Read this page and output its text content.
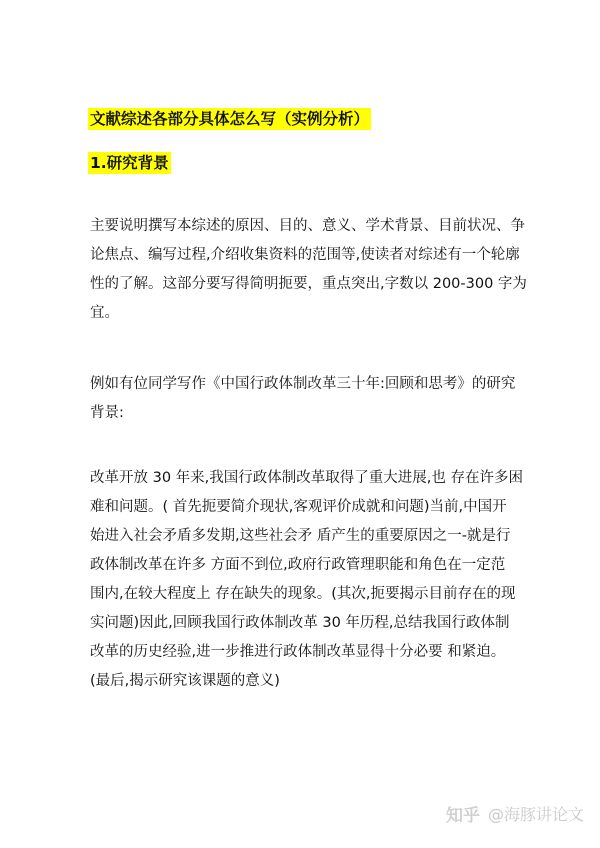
文献综述各部分具体怎么写（实例分析）
1.研究背景
主要说明撰写本综述的原因、目的、意义、学术背景、目前状况、争
论焦点、编写过程,介绍收集资料的范围等,使读者对综述有一个轮廓
性的了解。这部分要写得简明扼要，重点突出,字数以 200-300 字为
宜。
例如有位同学写作《中国行政体制改革三十年:回顾和思考》的研究
背景:
改革开放 30 年来,我国行政体制改革取得了重大进展,也 存在许多困
难和问题。( 首先扼要简介现状,客观评价成就和问题)当前,中国开
始进入社会矛盾多发期,这些社会矛 盾产生的重要原因之一-就是行
政体制改革在许多 方面不到位,政府行政管理职能和角色在一定范
围内,在较大程度上 存在缺失的现象。(其次,扼要揭示目前存在的现
实问题)因此,回顾我国行政体制改革 30 年历程,总结我国行政体制
改革的历史经验,进一步推进行政体制改革显得十分必要 和紧迫。
(最后,揭示研究该课题的意义)
知乎 @海豚讲论文
